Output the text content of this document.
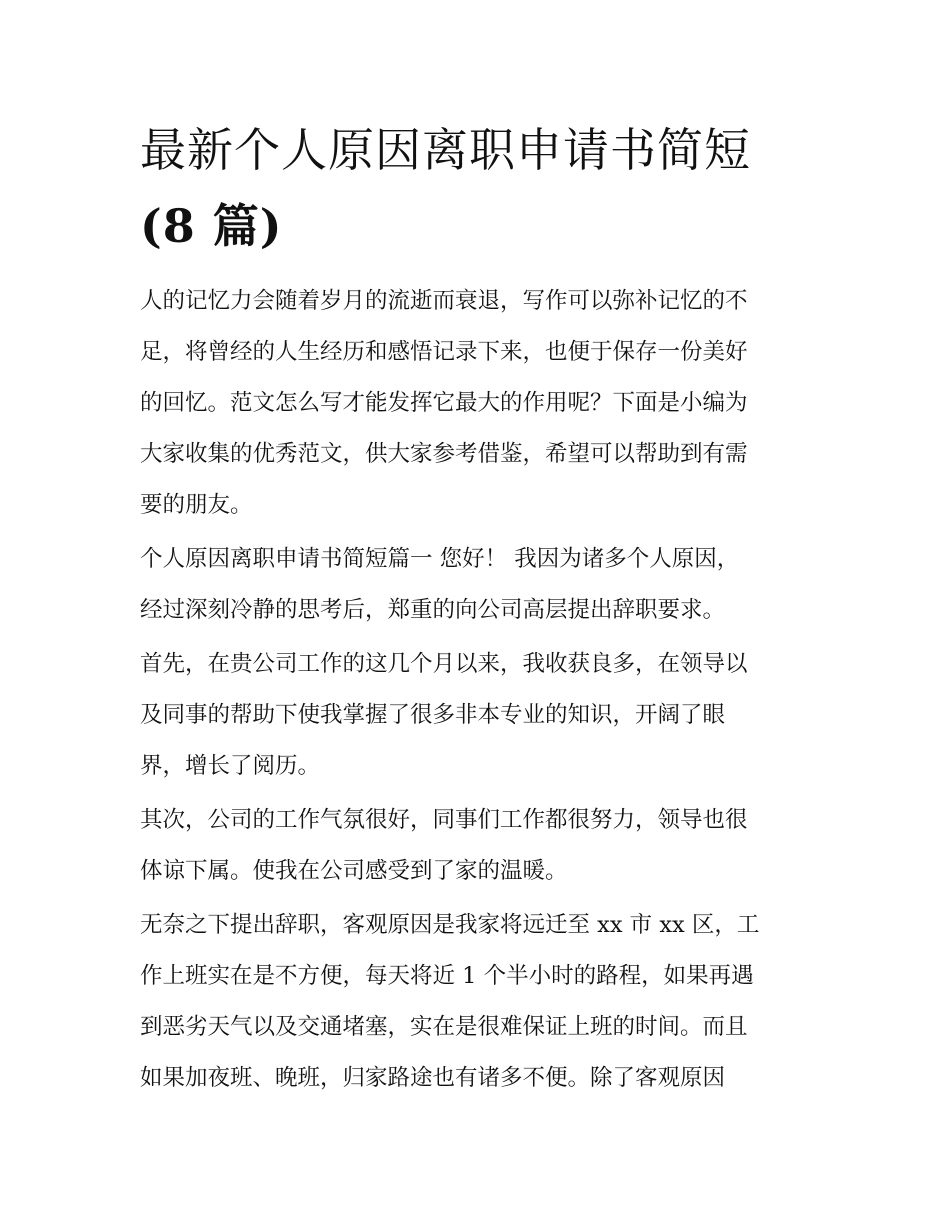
最新个人原因离职申请书简短
(8 篇)
人的记忆力会随着岁月的流逝而衰退，写作可以弥补记忆的不
足，将曾经的人生经历和感悟记录下来，也便于保存一份美好
的回忆。范文怎么写才能发挥它最大的作用呢？下面是小编为
大家收集的优秀范文，供大家参考借鉴，希望可以帮助到有需
要的朋友。
个人原因离职申请书简短篇一 您好！ 我因为诸多个人原因，
经过深刻冷静的思考后，郑重的向公司高层提出辞职要求。
首先，在贵公司工作的这几个月以来，我收获良多，在领导以
及同事的帮助下使我掌握了很多非本专业的知识，开阔了眼
界，增长了阅历。
其次，公司的工作气氛很好，同事们工作都很努力，领导也很
体谅下属。使我在公司感受到了家的温暖。
无奈之下提出辞职，客观原因是我家将远迁至 xx 市 xx 区，工
作上班实在是不方便，每天将近 1 个半小时的路程，如果再遇
到恶劣天气以及交通堵塞，实在是很难保证上班的时间。而且
如果加夜班、晚班，归家路途也有诸多不便。除了客观原因
